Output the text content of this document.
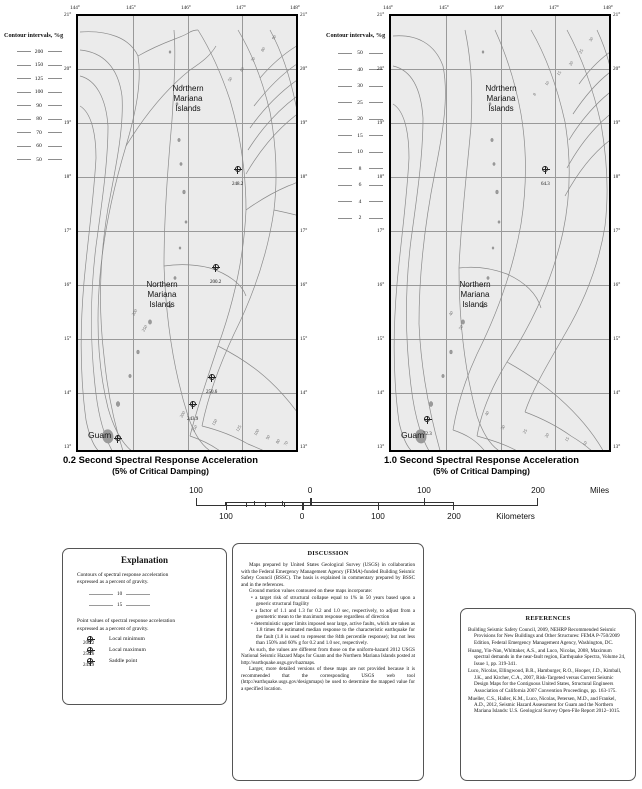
Contour intervals, %g
200
150
125
100
90
80
70
60
50
144°	145°	146°	147°	148°
21°
20°
19°
18°
17°
16°
15°
14°
13°
21°
20°
19°
18°
17°
16°
15°
14°
13°
90
80
70
60
50
200
250
200
250
150
125 100
90
80 70
Northern
Mariana
Islands
Northern
Mariana
Islands
Guam
248.2
200.2
250.6
243.9
0.2 Second Spectral Response Acceleration
(5% of Critical Damping)
Contour intervals, %g
50
40
30
25
20
15
10
8
6
4
2
144°	145°	146°	147°	148°
21°
20°
19°
18°
17°
16°
15°
14°
13°
21°
20°
19°
18°
17°
16°
15°
14°
13°
30
25
20
15
10
8
40
50
40
30
25
20
15
10
Northern
Mariana
Islands
Northern
Mariana
Islands
Guam
64.3
72.3
1.0 Second Spectral Response Acceleration
(5% of Critical Damping)
100	0	100	200	Miles
100	0	100	200	Kilometers
Explanation
Contours of spectral response acceleration
expressed as a percent of gravity.
10
15
Point values of spectral response acceleration
expressed as a percent of gravity.
Local minimum
200.2
Local maximum
250.6
Saddle point
243.9
DISCUSSION

Maps prepared by United States Geological Survey (USGS) in collaboration with the Federal Emergency Management Agency (FEMA)-funded Building Seismic Safety Council (BSSC). The basis is explained in commentary prepared by BSSC and in the references.

Ground motion values contoured on these maps incorporate:

• a target risk of structural collapse equal to 1% in 50 years based upon a generic structural fragility
• a factor of 1.1 and 1.3 for 0.2 and 1.0 sec, respectively, to adjust from a geometric mean to the maximum response regardless of direction
• deterministic upper limits imposed near large, active faults, which are taken as 1.8 times the estimated median response to the characteristic earthquake for the fault (1.8 is used to represent the 84th percentile response); but not less than 150% and 60% g for 0.2 and 1.0 sec, respectively.

As such, the values are different from those on the uniform-hazard 2012 USGS National Seismic Hazard Maps for Guam and the Northern Mariana Islands posted at http://earthquake.usgs.gov/hazmaps.

Larger, more detailed versions of these maps are not provided because it is recommended that the corresponding USGS web tool (http://earthquake.usgs.gov/designmaps) be used to determine the mapped value for a specified location.

REFERENCES

Building Seismic Safety Council, 2009, NEHRP Recommended Seismic Provisions for New Buildings and Other Structures: FEMA P-750/2009 Edition, Federal Emergency Management Agency, Washington, DC.

Huang, Yin-Nan, Whittaker, A.S., and Luco, Nicolas, 2008, Maximum spectral demands in the near-fault region, Earthquake Spectra, Volume 24, Issue 1, pp. 319-341.

Luco, Nicolas, Ellingwood, B.R., Hamburger, R.O., Hooper, J.D., Kimball, J.K., and Kircher, C.A., 2007, Risk-Targeted versus Current Seismic Design Maps for the Contiguous United States, Structural Engineers Association of California 2007 Convention Proceedings, pp. 163-175.

Mueller, C.S., Haller, K.M., Luco, Nicolas, Petersen, M.D., and Frankel, A.D., 2012, Seismic Hazard Assessment for Guam and the Northern Mariana Islands: U.S. Geological Survey Open-File Report 2012–1015.
